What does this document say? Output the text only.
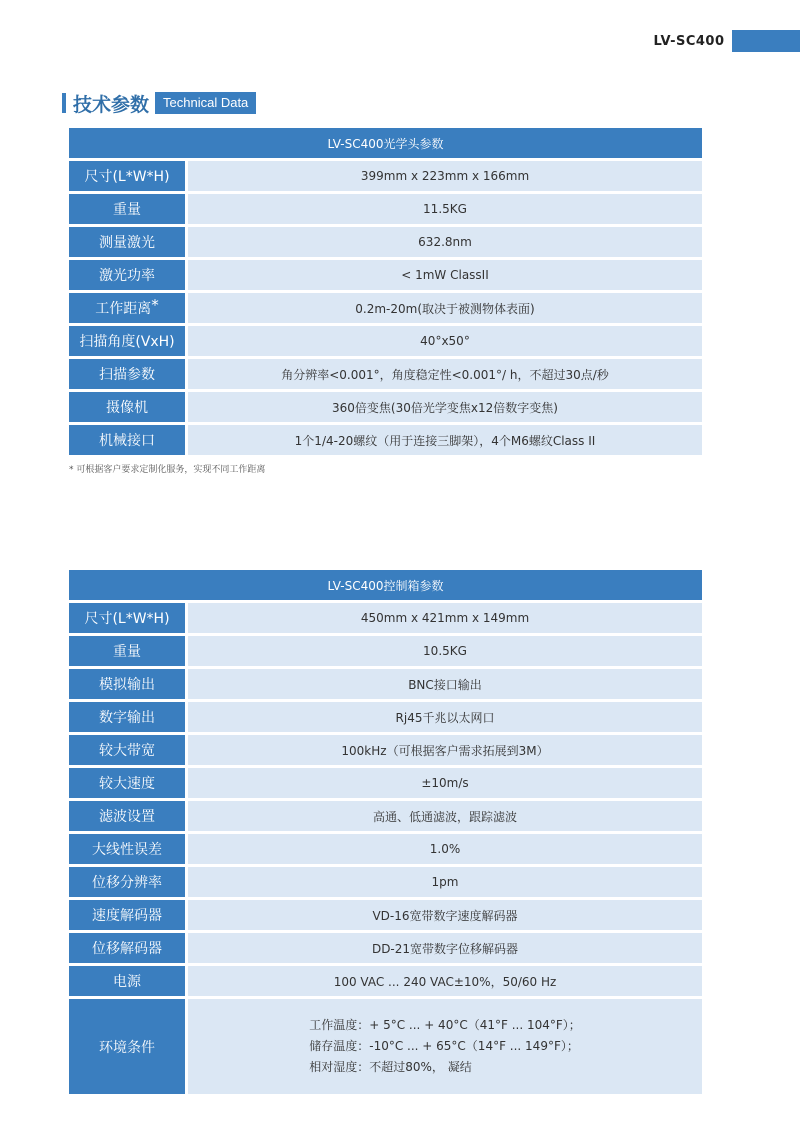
LV-SC400
技术参数	Technical Data
LV-SC400光学头参数	
尺寸(L*W*H)	399mm x 223mm x 166mm
重量	11.5KG
测量激光	632.8nm
激光功率	< 1mW ClassII
工作距离*	0.2m-20m(取决于被测物体表面)
扫描角度(VxH)	40°x50°
扫描参数	角分辨率<0.001°，角度稳定性<0.001°/ h，不超过30点/秒
摄像机	360倍变焦(30倍光学变焦x12倍数字变焦)
机械接口	1个1/4-20螺纹（用于连接三脚架），4个M6螺纹Class II
* 可根据客户要求定制化服务，实现不同工作距离
LV-SC400控制箱参数	
尺寸(L*W*H)	450mm x 421mm x 149mm
重量	10.5KG
模拟输出	BNC接口输出
数字输出	Rj45千兆以太网口
较大带宽	100kHz（可根据客户需求拓展到3M）
较大速度	±10m/s
滤波设置	高通、低通滤波，跟踪滤波
大线性误差	1.0%
位移分辨率	1pm
速度解码器	VD-16宽带数字速度解码器
位移解码器	DD-21宽带数字位移解码器
电源	100 VAC ... 240 VAC±10%，50/60 Hz
环境条件	工作温度：+ 5°C ... + 40°C（41°F ... 104°F）；
储存温度：-10°C ... + 65°C（14°F ... 149°F）；
相对湿度：不超过80%， 凝结
